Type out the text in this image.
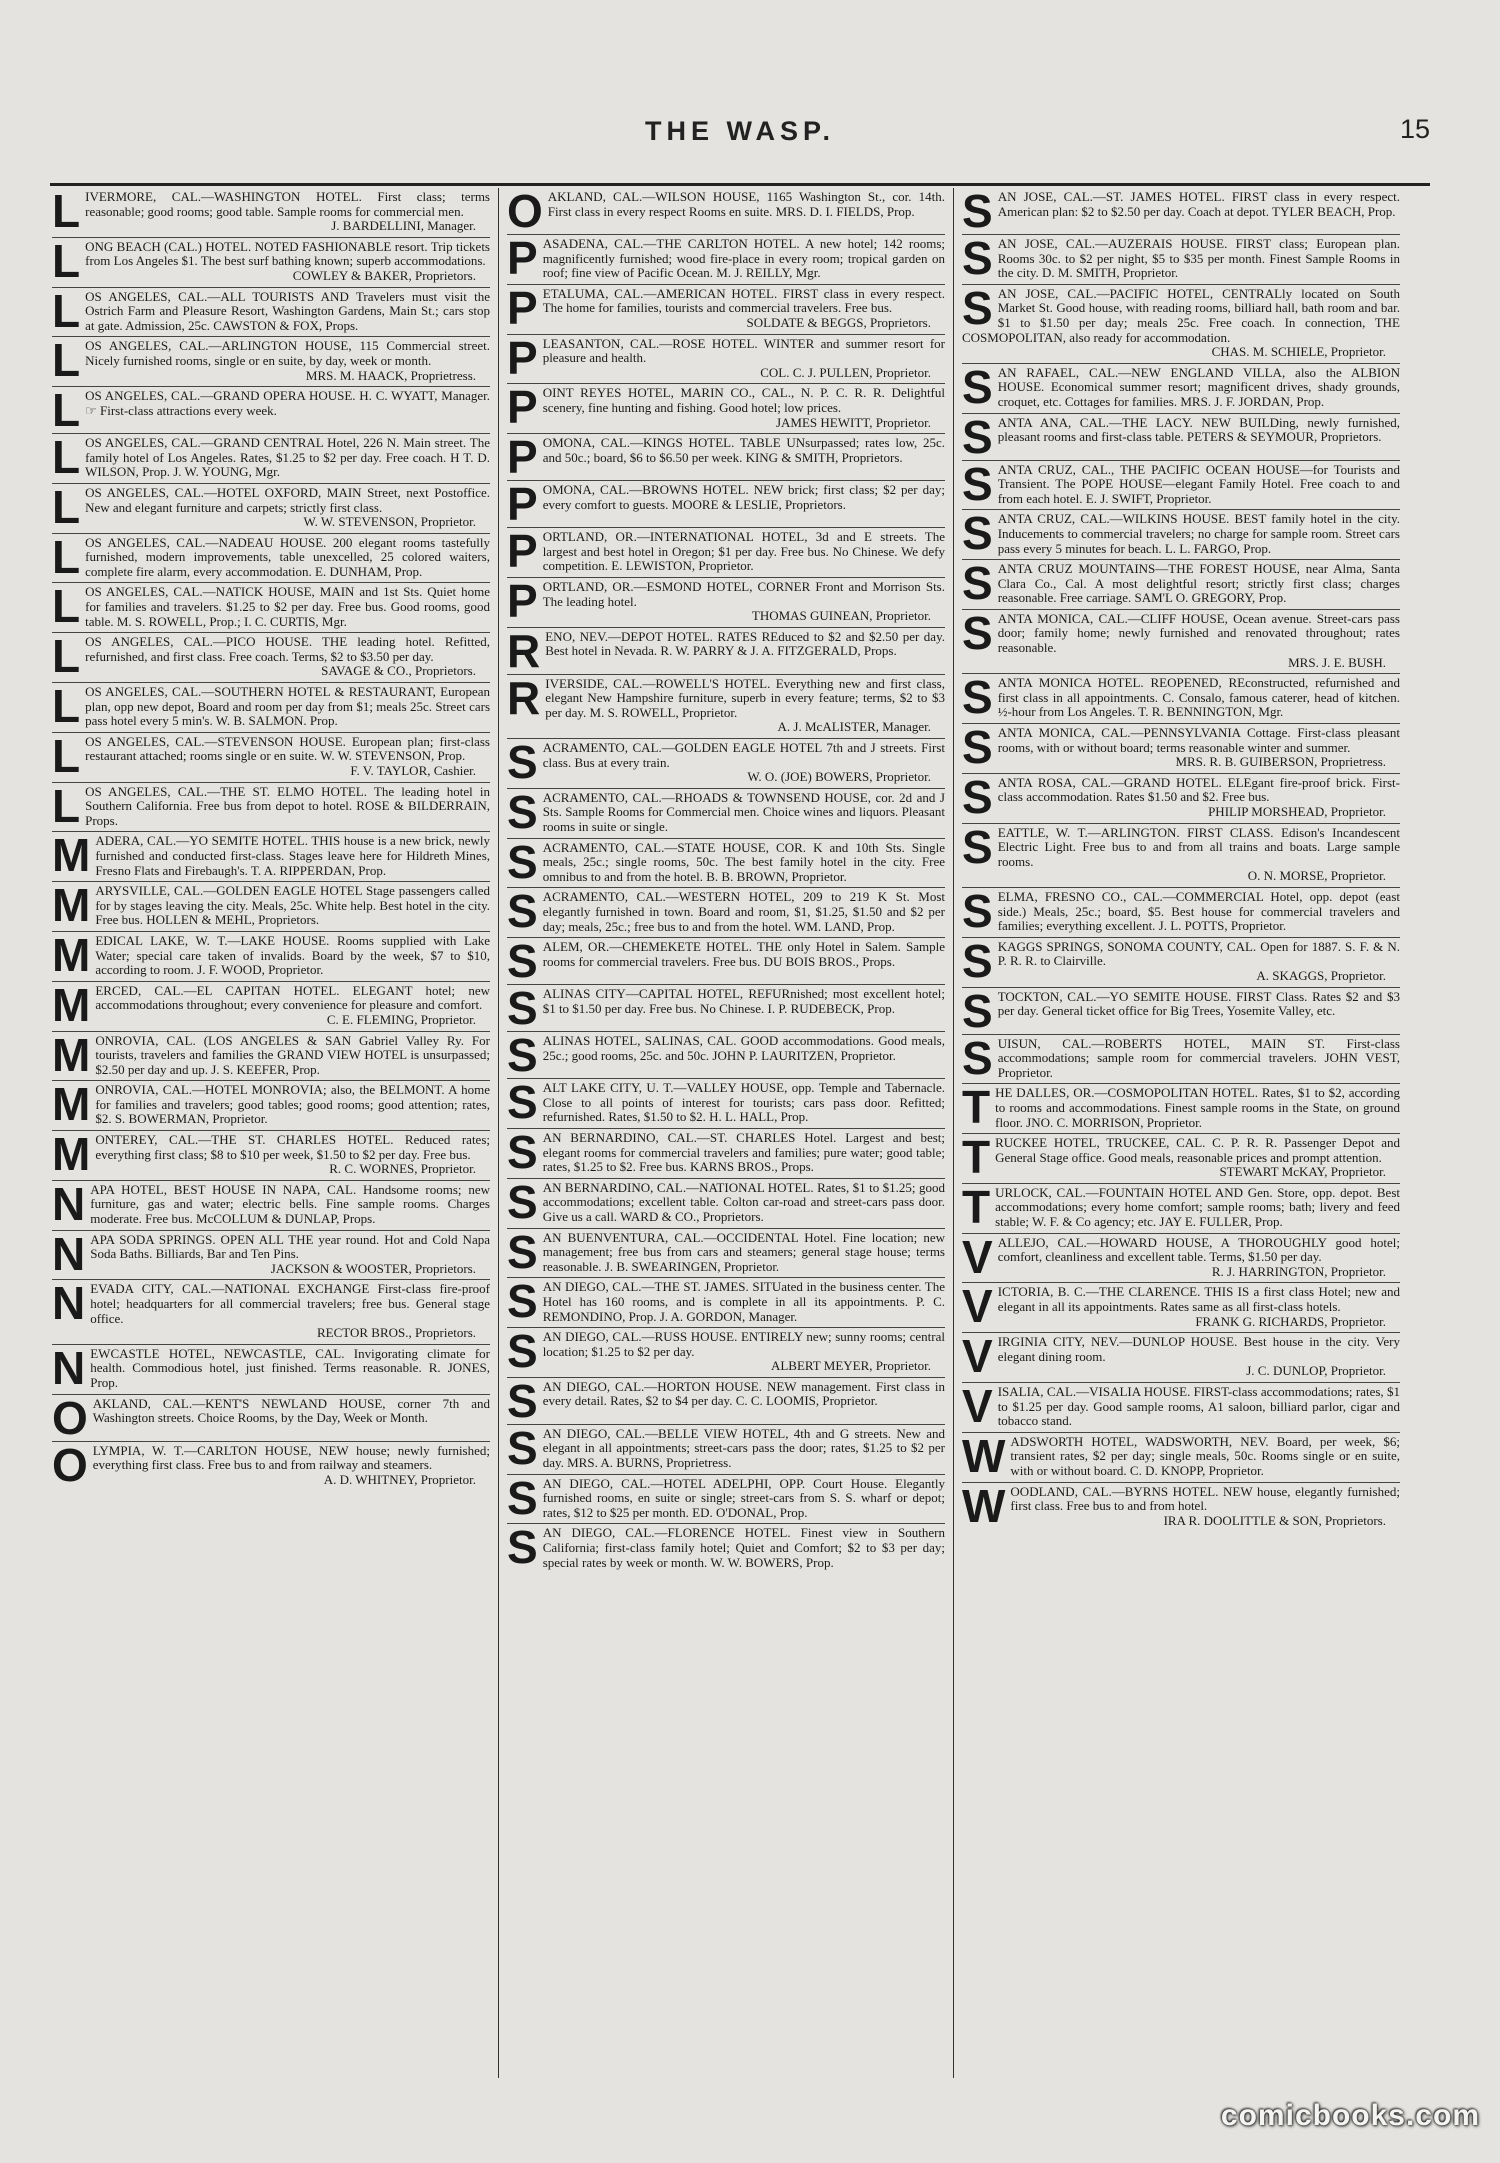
THE WASP.	15
LIVERMORE, CAL.—WASHINGTON HOTEL. First class; terms reasonable; good rooms; good table. Sample rooms for commercial men.
J. BARDELLINI, Manager.
LONG BEACH (CAL.) HOTEL. NOTED FASHIONABLE resort. Trip tickets from Los Angeles $1. The best surf bathing known; superb accommodations.
COWLEY & BAKER, Proprietors.
LOS ANGELES, CAL.—ALL TOURISTS AND Travelers must visit the Ostrich Farm and Pleasure Resort, Washington Gardens, Main St.; cars stop at gate. Admission, 25c. CAWSTON & FOX, Props.
LOS ANGELES, CAL.—ARLINGTON HOUSE, 115 Commercial street. Nicely furnished rooms, single or en suite, by day, week or month.
MRS. M. HAACK, Proprietress.
LOS ANGELES, CAL.—GRAND OPERA HOUSE. H. C. WYATT, Manager. ☞ First-class attractions every week.
LOS ANGELES, CAL.—GRAND CENTRAL Hotel, 226 N. Main street. The family hotel of Los Angeles. Rates, $1.25 to $2 per day. Free coach. H T. D. WILSON, Prop. J. W. YOUNG, Mgr.
LOS ANGELES, CAL.—HOTEL OXFORD, MAIN Street, next Postoffice. New and elegant furniture and carpets; strictly first class.
W. W. STEVENSON, Proprietor.
LOS ANGELES, CAL.—NADEAU HOUSE. 200 elegant rooms tastefully furnished, modern improvements, table unexcelled, 25 colored waiters, complete fire alarm, every accommodation. E. DUNHAM, Prop.
LOS ANGELES, CAL.—NATICK HOUSE, MAIN and 1st Sts. Quiet home for families and travelers. $1.25 to $2 per day. Free bus. Good rooms, good table. M. S. ROWELL, Prop.; I. C. CURTIS, Mgr.
LOS ANGELES, CAL.—PICO HOUSE. THE leading hotel. Refitted, refurnished, and first class. Free coach. Terms, $2 to $3.50 per day.
SAVAGE & CO., Proprietors.
LOS ANGELES, CAL.—SOUTHERN HOTEL & RESTAURANT, European plan, opp new depot, Board and room per day from $1; meals 25c. Street cars pass hotel every 5 min's. W. B. SALMON. Prop.
LOS ANGELES, CAL.—STEVENSON HOUSE. European plan; first-class restaurant attached; rooms single or en suite. W. W. STEVENSON, Prop.
F. V. TAYLOR, Cashier.
LOS ANGELES, CAL.—THE ST. ELMO HOTEL. The leading hotel in Southern California. Free bus from depot to hotel. ROSE & BILDERRAIN, Props.
MADERA, CAL.—YO SEMITE HOTEL. THIS house is a new brick, newly furnished and conducted first-class. Stages leave here for Hildreth Mines, Fresno Flats and Firebaugh's. T. A. RIPPERDAN, Prop.
MARYSVILLE, CAL.—GOLDEN EAGLE HOTEL Stage passengers called for by stages leaving the city. Meals, 25c. White help. Best hotel in the city. Free bus. HOLLEN & MEHL, Proprietors.
MEDICAL LAKE, W. T.—LAKE HOUSE. Rooms supplied with Lake Water; special care taken of invalids. Board by the week, $7 to $10, according to room. J. F. WOOD, Proprietor.
MERCED, CAL.—EL CAPITAN HOTEL. ELEGANT hotel; new accommodations throughout; every convenience for pleasure and comfort.
C. E. FLEMING, Proprietor.
MONROVIA, CAL. (LOS ANGELES & SAN Gabriel Valley Ry. For tourists, travelers and families the GRAND VIEW HOTEL is unsurpassed; $2.50 per day and up. J. S. KEEFER, Prop.
MONROVIA, CAL.—HOTEL MONROVIA; also, the BELMONT. A home for families and travelers; good tables; good rooms; good attention; rates, $2. S. BOWERMAN, Proprietor.
MONTEREY, CAL.—THE ST. CHARLES HOTEL. Reduced rates; everything first class; $8 to $10 per week, $1.50 to $2 per day. Free bus.
R. C. WORNES, Proprietor.
NAPA HOTEL, BEST HOUSE IN NAPA, CAL. Handsome rooms; new furniture, gas and water; electric bells. Fine sample rooms. Charges moderate. Free bus. McCOLLUM & DUNLAP, Props.
NAPA SODA SPRINGS. OPEN ALL THE year round. Hot and Cold Napa Soda Baths. Billiards, Bar and Ten Pins.
JACKSON & WOOSTER, Proprietors.
NEVADA CITY, CAL.—NATIONAL EXCHANGE First-class fire-proof hotel; headquarters for all commercial travelers; free bus. General stage office.
RECTOR BROS., Proprietors.
NEWCASTLE HOTEL, NEWCASTLE, CAL. Invigorating climate for health. Commodious hotel, just finished. Terms reasonable. R. JONES, Prop.
OAKLAND, CAL.—KENT'S NEWLAND HOUSE, corner 7th and Washington streets. Choice Rooms, by the Day, Week or Month.
OLYMPIA, W. T.—CARLTON HOUSE, NEW house; newly furnished; everything first class. Free bus to and from railway and steamers.
A. D. WHITNEY, Proprietor.
OAKLAND, CAL.—WILSON HOUSE, 1165 Washington St., cor. 14th. First class in every respect Rooms en suite. MRS. D. I. FIELDS, Prop.
PASADENA, CAL.—THE CARLTON HOTEL. A new hotel; 142 rooms; magnificently furnished; wood fire-place in every room; tropical garden on roof; fine view of Pacific Ocean. M. J. REILLY, Mgr.
PETALUMA, CAL.—AMERICAN HOTEL. FIRST class in every respect. The home for families, tourists and commercial travelers. Free bus.
SOLDATE & BEGGS, Proprietors.
PLEASANTON, CAL.—ROSE HOTEL. WINTER and summer resort for pleasure and health.
COL. C. J. PULLEN, Proprietor.
POINT REYES HOTEL, MARIN CO., CAL., N. P. C. R. R. Delightful scenery, fine hunting and fishing. Good hotel; low prices.
JAMES HEWITT, Proprietor.
POMONA, CAL.—KINGS HOTEL. TABLE UNsurpassed; rates low, 25c. and 50c.; board, $6 to $6.50 per week. KING & SMITH, Proprietors.
POMONA, CAL.—BROWNS HOTEL. NEW brick; first class; $2 per day; every comfort to guests. MOORE & LESLIE, Proprietors.
PORTLAND, OR.—INTERNATIONAL HOTEL, 3d and E streets. The largest and best hotel in Oregon; $1 per day. Free bus. No Chinese. We defy competition. E. LEWISTON, Proprietor.
PORTLAND, OR.—ESMOND HOTEL, CORNER Front and Morrison Sts. The leading hotel.
THOMAS GUINEAN, Proprietor.
RENO, NEV.—DEPOT HOTEL. RATES REduced to $2 and $2.50 per day. Best hotel in Nevada. R. W. PARRY & J. A. FITZGERALD, Props.
RIVERSIDE, CAL.—ROWELL'S HOTEL. Everything new and first class, elegant New Hampshire furniture, superb in every feature; terms, $2 to $3 per day. M. S. ROWELL, Proprietor.
A. J. McALISTER, Manager.
SACRAMENTO, CAL.—GOLDEN EAGLE HOTEL 7th and J streets. First class. Bus at every train.
W. O. (JOE) BOWERS, Proprietor.
SACRAMENTO, CAL.—RHOADS & TOWNSEND HOUSE, cor. 2d and J Sts. Sample Rooms for Commercial men. Choice wines and liquors. Pleasant rooms in suite or single.
SACRAMENTO, CAL.—STATE HOUSE, COR. K and 10th Sts. Single meals, 25c.; single rooms, 50c. The best family hotel in the city. Free omnibus to and from the hotel. B. B. BROWN, Proprietor.
SACRAMENTO, CAL.—WESTERN HOTEL, 209 to 219 K St. Most elegantly furnished in town. Board and room, $1, $1.25, $1.50 and $2 per day; meals, 25c.; free bus to and from the hotel. WM. LAND, Prop.
SALEM, OR.—CHEMEKETE HOTEL. THE only Hotel in Salem. Sample rooms for commercial travelers. Free bus. DU BOIS BROS., Props.
SALINAS CITY—CAPITAL HOTEL, REFURnished; most excellent hotel; $1 to $1.50 per day. Free bus. No Chinese. I. P. RUDEBECK, Prop.
SALINAS HOTEL, SALINAS, CAL. GOOD accommodations. Good meals, 25c.; good rooms, 25c. and 50c. JOHN P. LAURITZEN, Proprietor.
SALT LAKE CITY, U. T.—VALLEY HOUSE, opp. Temple and Tabernacle. Close to all points of interest for tourists; cars pass door. Refitted; refurnished. Rates, $1.50 to $2. H. L. HALL, Prop.
SAN BERNARDINO, CAL.—ST. CHARLES Hotel. Largest and best; elegant rooms for commercial travelers and families; pure water; good table; rates, $1.25 to $2. Free bus. KARNS BROS., Props.
SAN BERNARDINO, CAL.—NATIONAL HOTEL. Rates, $1 to $1.25; good accommodations; excellent table. Colton car-road and street-cars pass door. Give us a call. WARD & CO., Proprietors.
SAN BUENVENTURA, CAL.—OCCIDENTAL Hotel. Fine location; new management; free bus from cars and steamers; general stage house; terms reasonable. J. B. SWEARINGEN, Proprietor.
SAN DIEGO, CAL.—THE ST. JAMES. SITUated in the business center. The Hotel has 160 rooms, and is complete in all its appointments. P. C. REMONDINO, Prop. J. A. GORDON, Manager.
SAN DIEGO, CAL.—RUSS HOUSE. ENTIRELY new; sunny rooms; central location; $1.25 to $2 per day.
ALBERT MEYER, Proprietor.
SAN DIEGO, CAL.—HORTON HOUSE. NEW management. First class in every detail. Rates, $2 to $4 per day. C. C. LOOMIS, Proprietor.
SAN DIEGO, CAL.—BELLE VIEW HOTEL, 4th and G streets. New and elegant in all appointments; street-cars pass the door; rates, $1.25 to $2 per day. MRS. A. BURNS, Proprietress.
SAN DIEGO, CAL.—HOTEL ADELPHI, OPP. Court House. Elegantly furnished rooms, en suite or single; street-cars from S. S. wharf or depot; rates, $12 to $25 per month. ED. O'DONAL, Prop.
SAN DIEGO, CAL.—FLORENCE HOTEL. Finest view in Southern California; first-class family hotel; Quiet and Comfort; $2 to $3 per day; special rates by week or month. W. W. BOWERS, Prop.
SAN JOSE, CAL.—ST. JAMES HOTEL. FIRST class in every respect. American plan: $2 to $2.50 per day. Coach at depot. TYLER BEACH, Prop.
SAN JOSE, CAL.—AUZERAIS HOUSE. FIRST class; European plan. Rooms 30c. to $2 per night, $5 to $35 per month. Finest Sample Rooms in the city. D. M. SMITH, Proprietor.
SAN JOSE, CAL.—PACIFIC HOTEL, CENTRALly located on South Market St. Good house, with reading rooms, billiard hall, bath room and bar. $1 to $1.50 per day; meals 25c. Free coach. In connection, THE COSMOPOLITAN, also ready for accommodation.
CHAS. M. SCHIELE, Proprietor.
SAN RAFAEL, CAL.—NEW ENGLAND VILLA, also the ALBION HOUSE. Economical summer resort; magnificent drives, shady grounds, croquet, etc. Cottages for families. MRS. J. F. JORDAN, Prop.
SANTA ANA, CAL.—THE LACY. NEW BUILDing, newly furnished, pleasant rooms and first-class table. PETERS & SEYMOUR, Proprietors.
SANTA CRUZ, CAL., THE PACIFIC OCEAN HOUSE—for Tourists and Transient. The POPE HOUSE—elegant Family Hotel. Free coach to and from each hotel. E. J. SWIFT, Proprietor.
SANTA CRUZ, CAL.—WILKINS HOUSE. BEST family hotel in the city. Inducements to commercial travelers; no charge for sample room. Street cars pass every 5 minutes for beach. L. L. FARGO, Prop.
SANTA CRUZ MOUNTAINS—THE FOREST HOUSE, near Alma, Santa Clara Co., Cal. A most delightful resort; strictly first class; charges reasonable. Free carriage. SAM'L O. GREGORY, Prop.
SANTA MONICA, CAL.—CLIFF HOUSE, Ocean avenue. Street-cars pass door; family home; newly furnished and renovated throughout; rates reasonable.
MRS. J. E. BUSH.
SANTA MONICA HOTEL. REOPENED, REconstructed, refurnished and first class in all appointments. C. Consalo, famous caterer, head of kitchen. ½-hour from Los Angeles. T. R. BENNINGTON, Mgr.
SANTA MONICA, CAL.—PENNSYLVANIA Cottage. First-class pleasant rooms, with or without board; terms reasonable winter and summer.
MRS. R. B. GUIBERSON, Proprietress.
SANTA ROSA, CAL.—GRAND HOTEL. ELEgant fire-proof brick. First-class accommodation. Rates $1.50 and $2. Free bus.
PHILIP MORSHEAD, Proprietor.
SEATTLE, W. T.—ARLINGTON. FIRST CLASS. Edison's Incandescent Electric Light. Free bus to and from all trains and boats. Large sample rooms.
O. N. MORSE, Proprietor.
SELMA, FRESNO CO., CAL.—COMMERCIAL Hotel, opp. depot (east side.) Meals, 25c.; board, $5. Best house for commercial travelers and families; everything excellent. J. L. POTTS, Proprietor.
SKAGGS SPRINGS, SONOMA COUNTY, CAL. Open for 1887. S. F. & N. P. R. R. to Clairville.
A. SKAGGS, Proprietor.
STOCKTON, CAL.—YO SEMITE HOUSE. FIRST Class. Rates $2 and $3 per day. General ticket office for Big Trees, Yosemite Valley, etc.
SUISUN, CAL.—ROBERTS HOTEL, MAIN ST. First-class accommodations; sample room for commercial travelers. JOHN VEST, Proprietor.
THE DALLES, OR.—COSMOPOLITAN HOTEL. Rates, $1 to $2, according to rooms and accommodations. Finest sample rooms in the State, on ground floor. JNO. C. MORRISON, Proprietor.
TRUCKEE HOTEL, TRUCKEE, CAL. C. P. R. R. Passenger Depot and General Stage office. Good meals, reasonable prices and prompt attention.
STEWART McKAY, Proprietor.
TURLOCK, CAL.—FOUNTAIN HOTEL AND Gen. Store, opp. depot. Best accommodations; every home comfort; sample rooms; bath; livery and feed stable; W. F. & Co agency; etc. JAY E. FULLER, Prop.
VALLEJO, CAL.—HOWARD HOUSE, A THOROUGHLY good hotel; comfort, cleanliness and excellent table. Terms, $1.50 per day.
R. J. HARRINGTON, Proprietor.
VICTORIA, B. C.—THE CLARENCE. THIS IS a first class Hotel; new and elegant in all its appointments. Rates same as all first-class hotels.
FRANK G. RICHARDS, Proprietor.
VIRGINIA CITY, NEV.—DUNLOP HOUSE. Best house in the city. Very elegant dining room.
J. C. DUNLOP, Proprietor.
VISALIA, CAL.—VISALIA HOUSE. FIRST-class accommodations; rates, $1 to $1.25 per day. Good sample rooms, A1 saloon, billiard parlor, cigar and tobacco stand.
WADSWORTH HOTEL, WADSWORTH, NEV. Board, per week, $6; transient rates, $2 per day; single meals, 50c. Rooms single or en suite, with or without board. C. D. KNOPP, Proprietor.
WOODLAND, CAL.—BYRNS HOTEL. NEW house, elegantly furnished; first class. Free bus to and from hotel.
IRA R. DOOLITTLE & SON, Proprietors.
comicbooks.com
